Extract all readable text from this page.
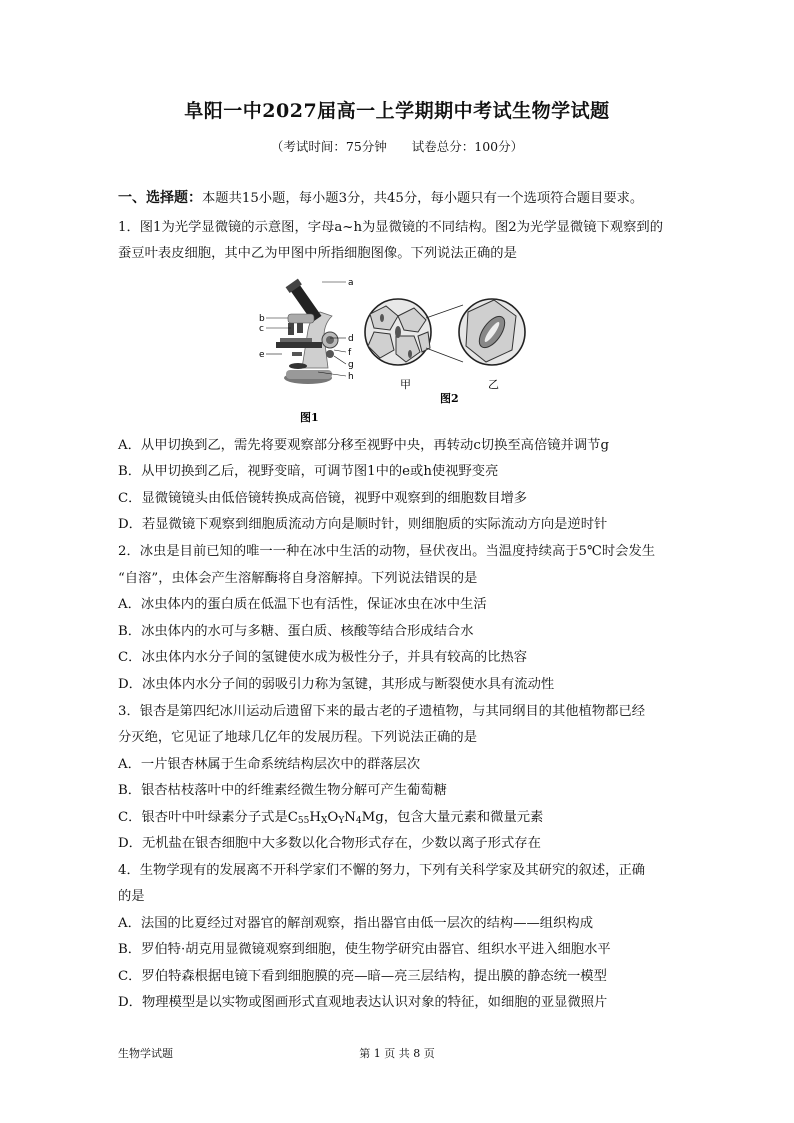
阜阳一中2027届高一上学期期中考试生物学试题
（考试时间：75分钟　　试卷总分：100分）
一、选择题：本题共15小题，每小题3分，共45分，每小题只有一个选项符合题目要求。
1．图1为光学显微镜的示意图，字母a~h为显微镜的不同结构。图2为光学显微镜下观察到的
蚕豆叶表皮细胞，其中乙为甲图中所指细胞图像。下列说法正确的是
a
b
c
d
e	f
g
h
图1
甲	乙
图2
A．从甲切换到乙，需先将要观察部分移至视野中央，再转动c切换至高倍镜并调节g
B．从甲切换到乙后，视野变暗，可调节图1中的e或h使视野变亮
C．显微镜镜头由低倍镜转换成高倍镜，视野中观察到的细胞数目增多
D．若显微镜下观察到细胞质流动方向是顺时针，则细胞质的实际流动方向是逆时针
2．冰虫是目前已知的唯一一种在冰中生活的动物，昼伏夜出。当温度持续高于5℃时会发生
“自溶”，虫体会产生溶解酶将自身溶解掉。下列说法错误的是
A．冰虫体内的蛋白质在低温下也有活性，保证冰虫在冰中生活
B．冰虫体内的水可与多糖、蛋白质、核酸等结合形成结合水
C．冰虫体内水分子间的氢键使水成为极性分子，并具有较高的比热容
D．冰虫体内水分子间的弱吸引力称为氢键，其形成与断裂使水具有流动性
3．银杏是第四纪冰川运动后遗留下来的最古老的孑遗植物，与其同纲目的其他植物都已经
分灭绝，它见证了地球几亿年的发展历程。下列说法正确的是
A．一片银杏林属于生命系统结构层次中的群落层次
B．银杏枯枝落叶中的纤维素经微生物分解可产生葡萄糖
C．银杏叶中叶绿素分子式是$C_{55}H_XO_YN_4Mg$，包含大量元素和微量元素
D．无机盐在银杏细胞中大多数以化合物形式存在，少数以离子形式存在
4．生物学现有的发展离不开科学家们不懈的努力，下列有关科学家及其研究的叙述，正确
的是
A．法国的比夏经过对器官的解剖观察，指出器官由低一层次的结构——组织构成
B．罗伯特·胡克用显微镜观察到细胞，使生物学研究由器官、组织水平进入细胞水平
C．罗伯特森根据电镜下看到细胞膜的亮—暗—亮三层结构，提出膜的静态统一模型
D．物理模型是以实物或图画形式直观地表达认识对象的特征，如细胞的亚显微照片
生物学试题	第 1 页 共 8 页
